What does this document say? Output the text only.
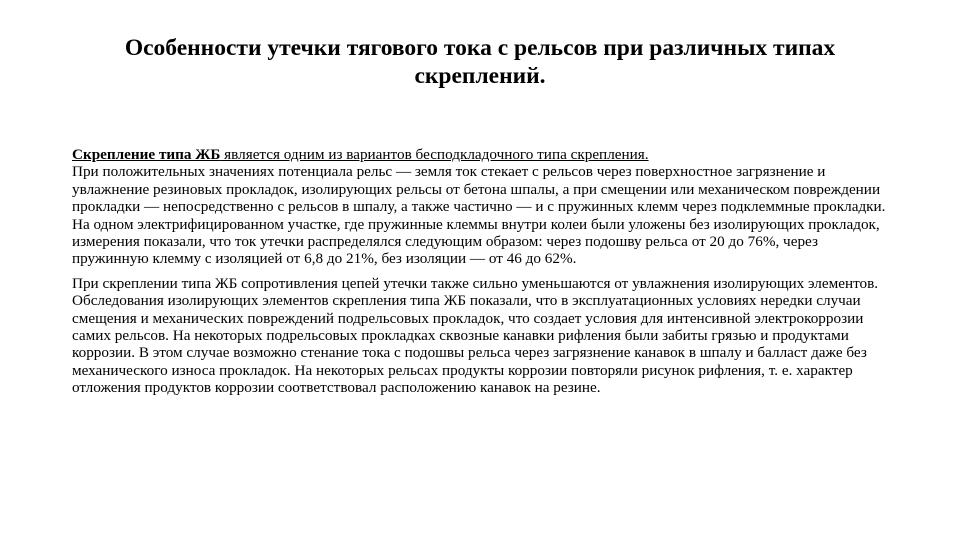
Особенности утечки тягового тока с рельсов при различных типах скреплений.

Скрепление типа ЖБ является одним из вариантов бесподкладочного типа скрепления.
При положительных значениях потенциала рельс — земля ток стекает с рельсов через поверхностное загрязнение и увлажнение резиновых прокладок, изолирующих рельсы от бетона шпалы, а при смещении или механическом повреждении прокладки — непосредственно с рельсов в шпалу, а также частично — и с пружинных клемм через подклеммные прокладки. На одном электрифицированном участке, где пружинные клеммы внутри колеи были уложены без изолирующих прокладок, измерения показали, что ток утечки распределялся следующим образом: через подошву рельса от 20 до 76%, через пружинную клемму с изоляцией от 6,8 до 21%, без изоляции — от 46 до 62%.

При скреплении типа ЖБ сопротивления цепей утечки также сильно уменьшаются от увлажнения изолирующих элементов. Обследования изолирующих элементов скрепления типа ЖБ показали, что в эксплуатационных условиях нередки случаи смещения и механических повреждений подрельсовых прокладок, что создает условия для интенсивной электрокоррозии самих рельсов. На некоторых подрельсовых прокладках сквозные канавки рифления были забиты грязью и продуктами коррозии. В этом случае возможно стенание тока с подошвы рельса через загрязнение канавок в шпалу и балласт даже без механического износа прокладок. На некоторых рельсах продукты коррозии повторяли рисунок рифления, т. е. характер отложения продуктов коррозии соответствовал расположению канавок на резине.
